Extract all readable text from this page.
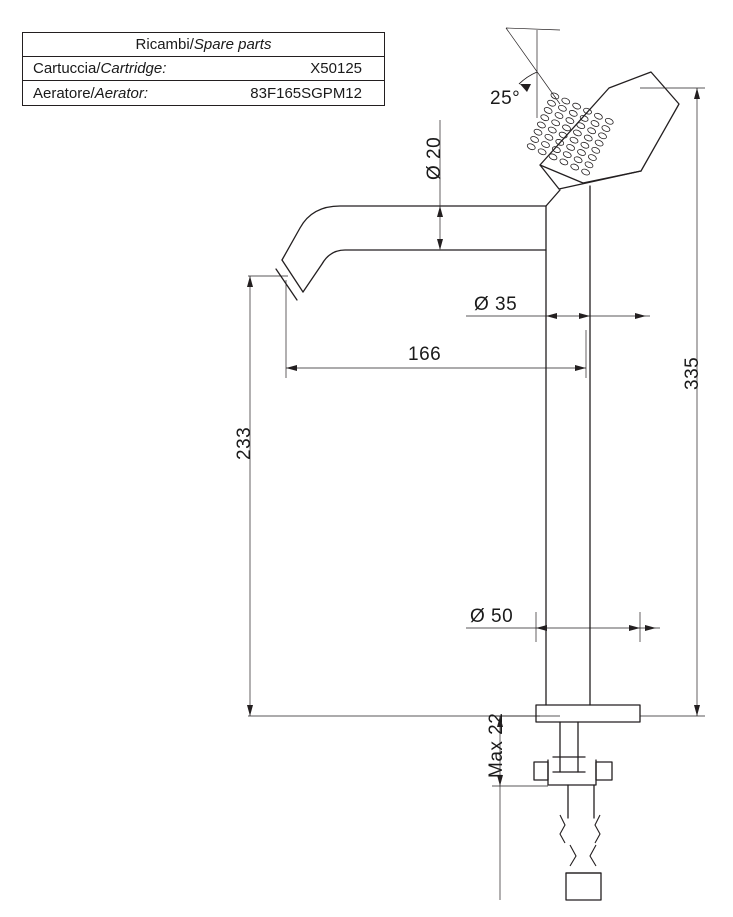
Ricambi/ Spare parts
Cartuccia/Cartridge:	X50125
Aeratore/Aerator:	83F165SGPM12	25°
Ø 20
Ø 35
166
233
335
Ø 50
Max 22
